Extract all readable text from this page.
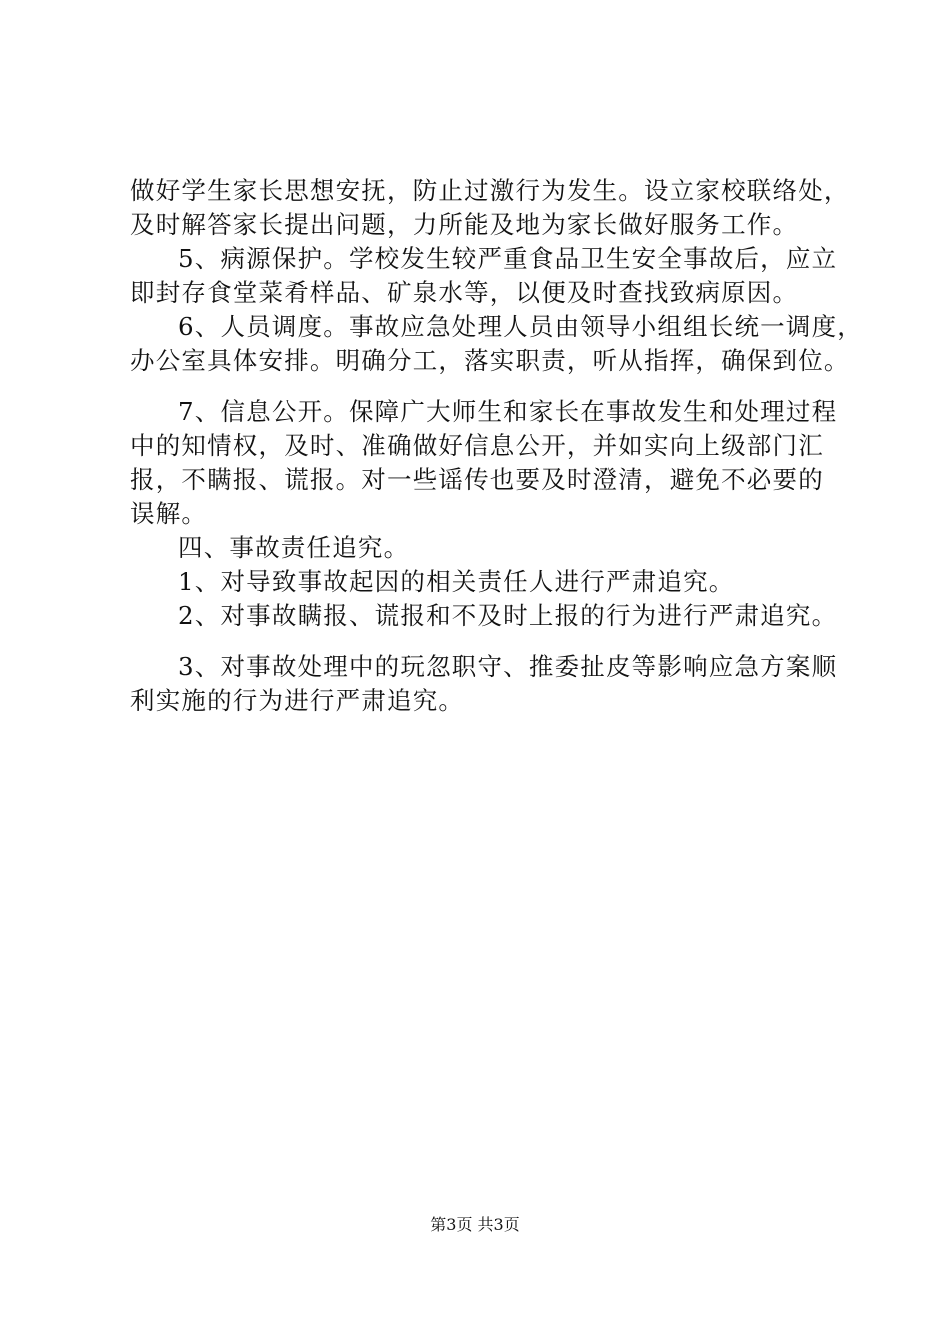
做好学生家长思想安抚，防止过激行为发生。设立家校联络处，
及时解答家长提出问题，力所能及地为家长做好服务工作。
5、病源保护。学校发生较严重食品卫生安全事故后，应立
即封存食堂菜肴样品、矿泉水等，以便及时查找致病原因。
6、人员调度。事故应急处理人员由领导小组组长统一调度，
办公室具体安排。明确分工，落实职责，听从指挥，确保到位。
7、信息公开。保障广大师生和家长在事故发生和处理过程
中的知情权，及时、准确做好信息公开，并如实向上级部门汇
报，不瞒报、谎报。对一些谣传也要及时澄清，避免不必要的
误解。
四、事故责任追究。
1、对导致事故起因的相关责任人进行严肃追究。
2、对事故瞒报、谎报和不及时上报的行为进行严肃追究。
3、对事故处理中的玩忽职守、推委扯皮等影响应急方案顺
利实施的行为进行严肃追究。
第3页 共3页
